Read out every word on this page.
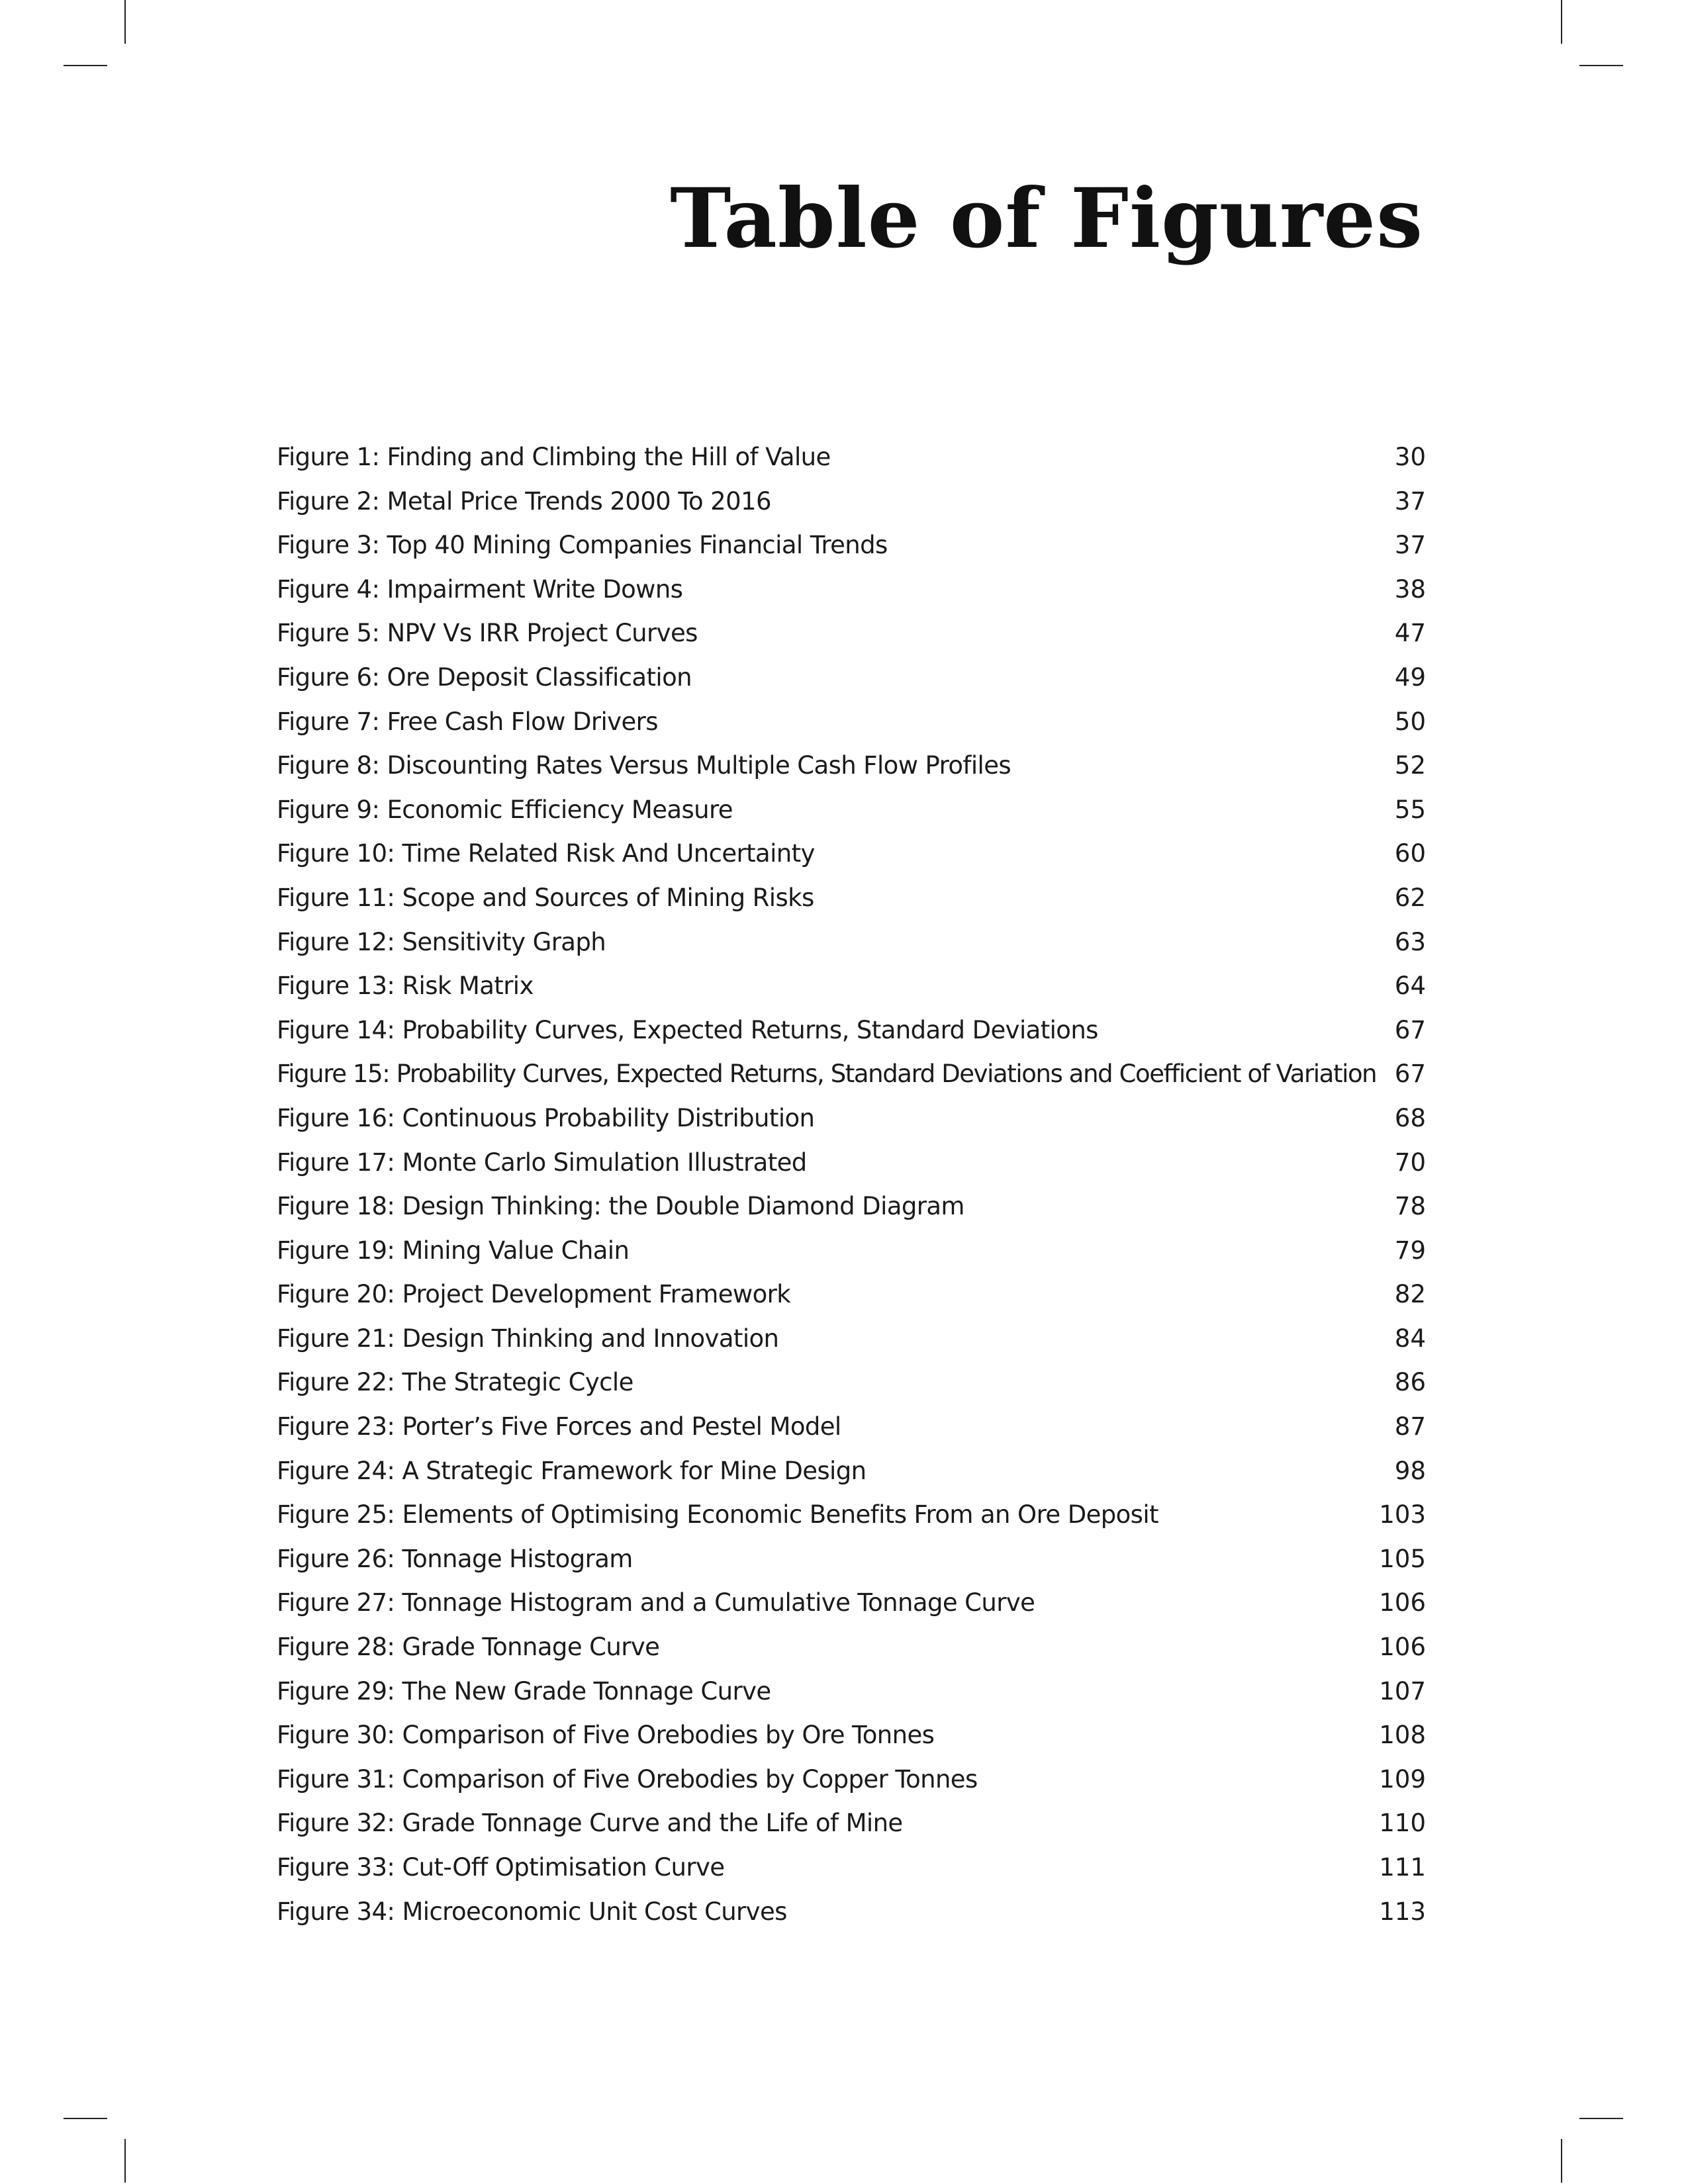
Table of Figures
Figure 1: Finding and Climbing the Hill of Value	30
Figure 2: Metal Price Trends 2000 To 2016	37
Figure 3: Top 40 Mining Companies Financial Trends	37
Figure 4: Impairment Write Downs	38
Figure 5: NPV Vs IRR Project Curves	47
Figure 6: Ore Deposit Classification	49
Figure 7: Free Cash Flow Drivers	50
Figure 8: Discounting Rates Versus Multiple Cash Flow Profiles	52
Figure 9: Economic Efficiency Measure	55
Figure 10: Time Related Risk And Uncertainty	60
Figure 11: Scope and Sources of Mining Risks	62
Figure 12: Sensitivity Graph	63
Figure 13: Risk Matrix	64
Figure 14: Probability Curves, Expected Returns, Standard Deviations	67
Figure 15: Probability Curves, Expected Returns, Standard Deviations and Coefficient of Variation 67
Figure 16: Continuous Probability Distribution	68
Figure 17: Monte Carlo Simulation Illustrated	70
Figure 18: Design Thinking: the Double Diamond Diagram	78
Figure 19: Mining Value Chain	79
Figure 20: Project Development Framework	82
Figure 21: Design Thinking and Innovation	84
Figure 22: The Strategic Cycle	86
Figure 23: Porter’s Five Forces and Pestel Model	87
Figure 24: A Strategic Framework for Mine Design	98
Figure 25: Elements of Optimising Economic Benefits From an Ore Deposit	103
Figure 26: Tonnage Histogram	105
Figure 27: Tonnage Histogram and a Cumulative Tonnage Curve	106
Figure 28: Grade Tonnage Curve	106
Figure 29: The New Grade Tonnage Curve	107
Figure 30: Comparison of Five Orebodies by Ore Tonnes	108
Figure 31: Comparison of Five Orebodies by Copper Tonnes	109
Figure 32: Grade Tonnage Curve and the Life of Mine	110
Figure 33: Cut-Off Optimisation Curve	111
Figure 34: Microeconomic Unit Cost Curves	113
